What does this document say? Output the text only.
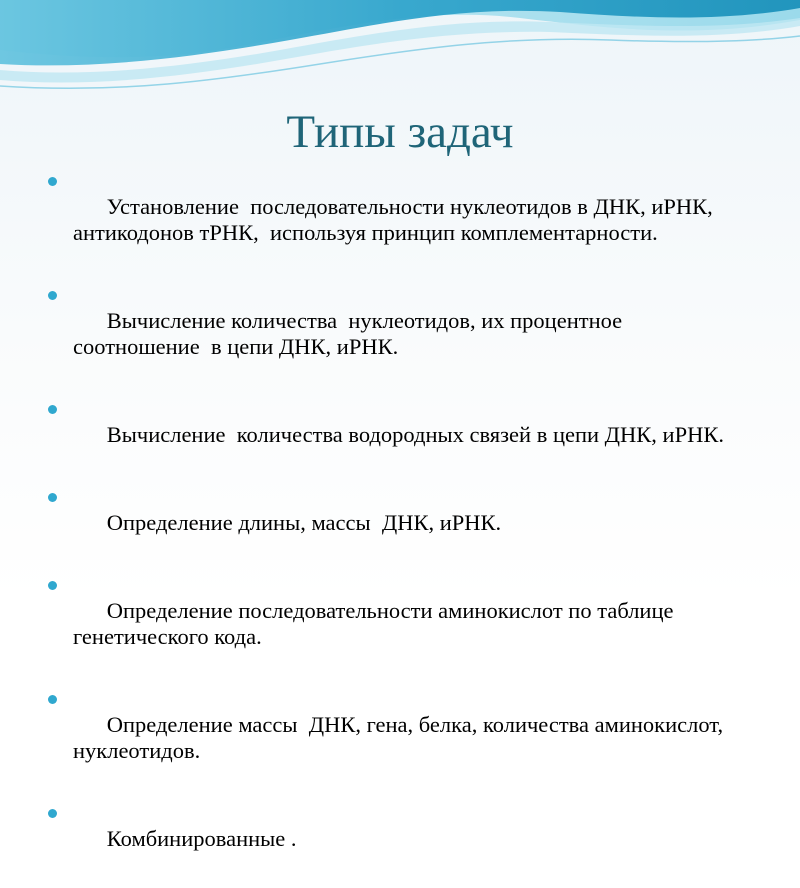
Типы задач

Установление  последовательности нуклеотидов в ДНК, иРНК,  антикодонов тРНК,  используя принцип комплементарности.

Вычисление количества  нуклеотидов, их процентное соотношение  в цепи ДНК, иРНК.

Вычисление  количества водородных связей в цепи ДНК, иРНК.

Определение длины, массы  ДНК, иРНК.

Определение последовательности аминокислот по таблице генетического кода.

Определение массы  ДНК, гена, белка, количества аминокислот, нуклеотидов.

Комбинированные .
